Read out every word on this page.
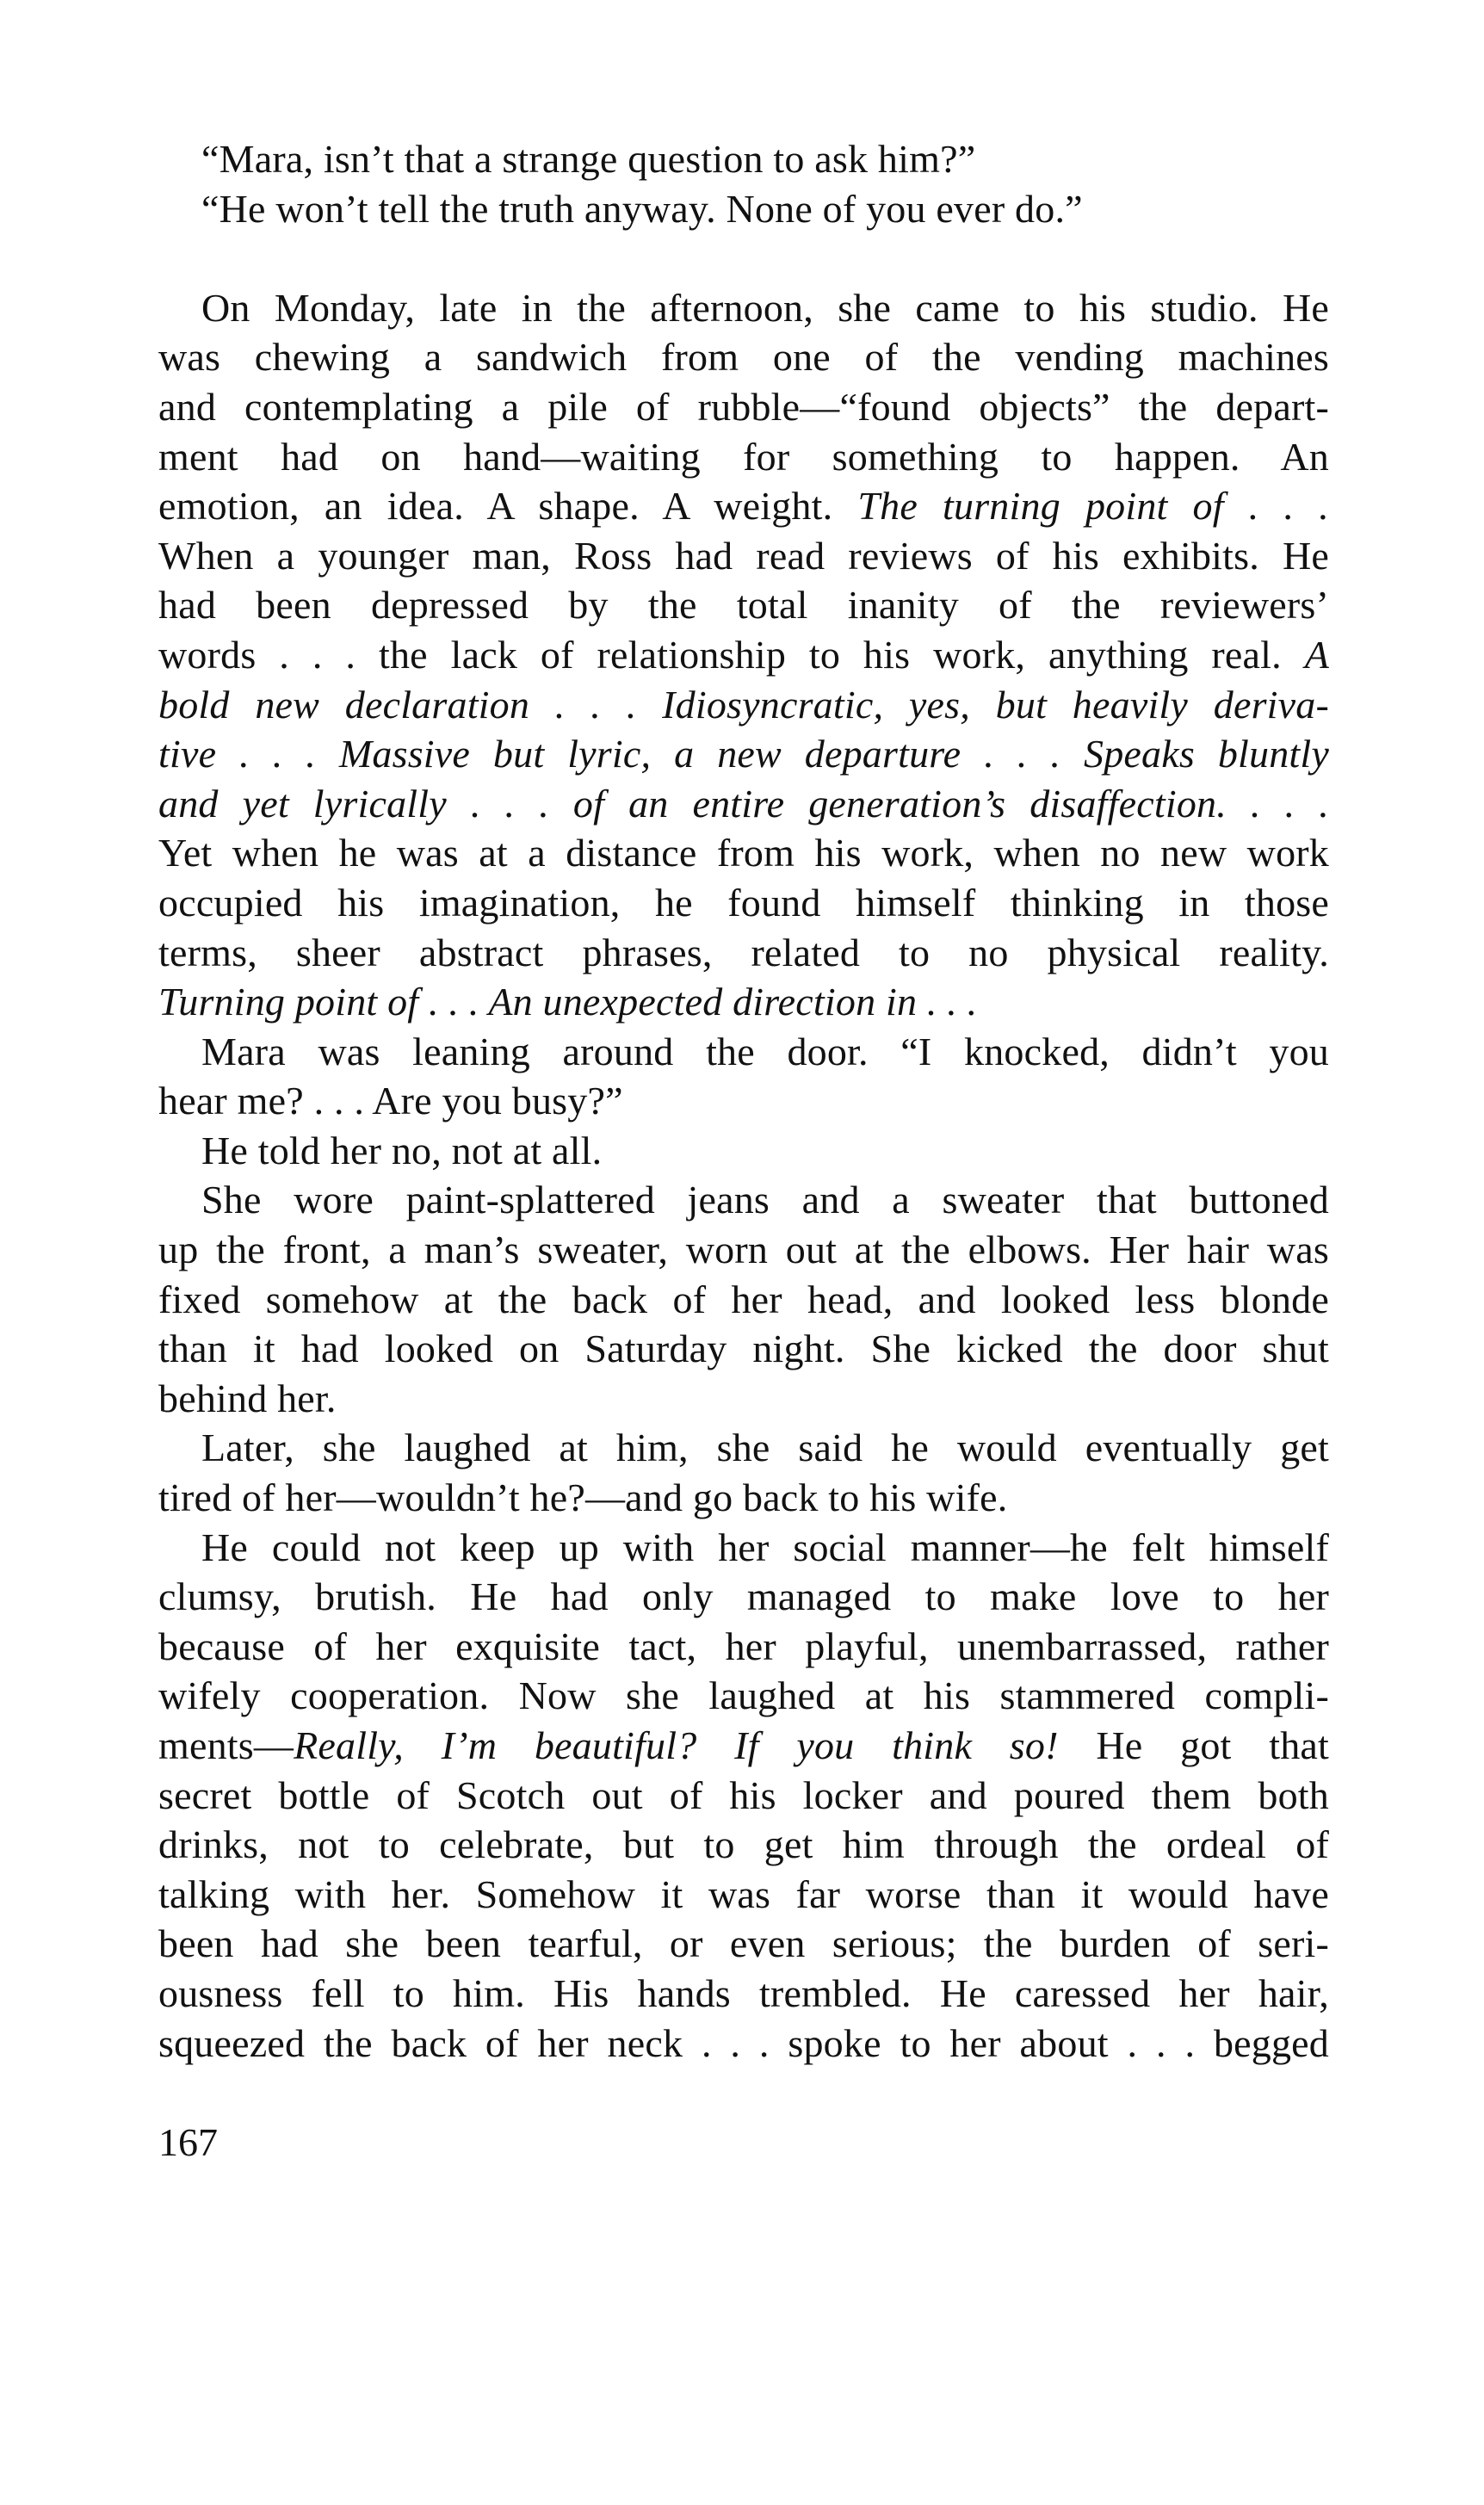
“Mara, isn’t that a strange question to ask him?”
“He won’t tell the truth anyway. None of you ever do.”
On Monday, late in the afternoon, she came to his studio. He
was chewing a sandwich from one of the vending machines
and contemplating a pile of rubble—“found objects” the depart-
ment had on hand—waiting for something to happen. An
emotion, an idea. A shape. A weight. The turning point of . . .
When a younger man, Ross had read reviews of his exhibits. He
had been depressed by the total inanity of the reviewers’
words . . . the lack of relationship to his work, anything real. A
bold new declaration . . . Idiosyncratic, yes, but heavily deriva-
tive . . . Massive but lyric, a new departure . . . Speaks bluntly
and yet lyrically . . . of an entire generation’s disaffection. . . .
Yet when he was at a distance from his work, when no new work
occupied his imagination, he found himself thinking in those
terms, sheer abstract phrases, related to no physical reality.
Turning point of . . . An unexpected direction in . . .
Mara was leaning around the door. “I knocked, didn’t you
hear me? . . . Are you busy?”
He told her no, not at all.
She wore paint-splattered jeans and a sweater that buttoned
up the front, a man’s sweater, worn out at the elbows. Her hair was
fixed somehow at the back of her head, and looked less blonde
than it had looked on Saturday night. She kicked the door shut
behind her.
Later, she laughed at him, she said he would eventually get
tired of her—wouldn’t he?—and go back to his wife.
He could not keep up with her social manner—he felt himself
clumsy, brutish. He had only managed to make love to her
because of her exquisite tact, her playful, unembarrassed, rather
wifely cooperation. Now she laughed at his stammered compli-
ments—Really, I’m beautiful? If you think so! He got that
secret bottle of Scotch out of his locker and poured them both
drinks, not to celebrate, but to get him through the ordeal of
talking with her. Somehow it was far worse than it would have
been had she been tearful, or even serious; the burden of seri-
ousness fell to him. His hands trembled. He caressed her hair,
squeezed the back of her neck . . . spoke to her about . . . begged
167
